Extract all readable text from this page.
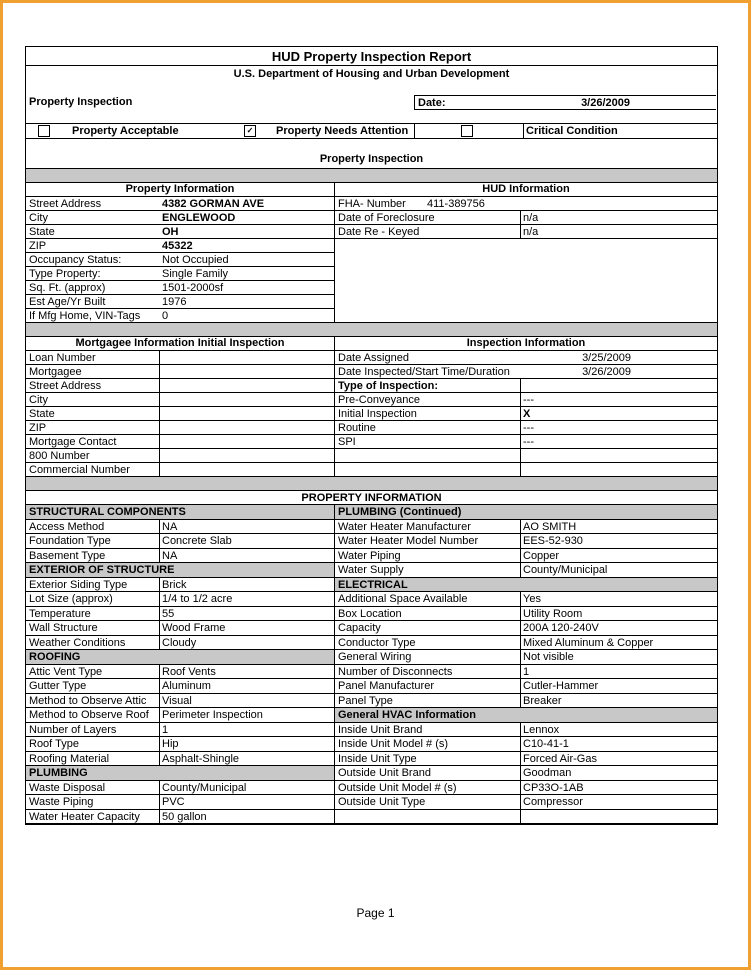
HUD Property Inspection Report
U.S. Department of Housing and Urban Development
Property Inspection	Date:	3/26/2009
Property Acceptable	✓ Property Needs Attention	Critical Condition
Property Inspection
Property Information
Street Address	4382 GORMAN AVE
City	ENGLEWOOD
State	OH
ZIP	45322
Occupancy Status:	Not Occupied
Type Property:	Single Family
Sq. Ft. (approx)	1501-2000sf
Est Age/Yr Built	1976
If Mfg Home, VIN-Tags 0
HUD Information
FHA- Number 411-389756
Date of Foreclosure	n/a
Date Re - Keyed	n/a
Mortgagee Information Initial Inspection
Loan Number
Mortgagee
Street Address
City
State
ZIP
Mortgage Contact
800 Number
Commercial Number
Inspection Information
Date Assigned	3/25/2009
Date Inspected/Start Time/Duration	3/26/2009
Type of Inspection:
Pre-Conveyance	---
Initial Inspection	X
Routine	---
SPI	---
PROPERTY INFORMATION
STRUCTURAL COMPONENTS
Access Method	NA
Foundation Type	Concrete Slab
Basement Type	NA
EXTERIOR OF STRUCTURE
Exterior Siding Type	Brick
Lot Size (approx)	1/4 to 1/2 acre
Temperature	55
Wall Structure	Wood Frame
Weather Conditions	Cloudy
ROOFING
Attic Vent Type	Roof Vents
Gutter Type	Aluminum
Method to Observe Attic Visual
Method to Observe Roof Perimeter Inspection
Number of Layers	1
Roof Type	Hip
Roofing Material	Asphalt-Shingle
PLUMBING
Waste Disposal	County/Municipal
Waste Piping	PVC
Water Heater Capacity 50 gallon
PLUMBING (Continued)
Water Heater Manufacturer	AO SMITH
Water Heater Model Number	EES-52-930
Water Piping	Copper
Water Supply	County/Municipal
ELECTRICAL
Additional Space Available	Yes
Box Location	Utility Room
Capacity	200A 120-240V
Conductor Type	Mixed Aluminum & Copper
General Wiring	Not visible
Number of Disconnects	1
Panel Manufacturer	Cutler-Hammer
Panel Type	Breaker
General HVAC Information
Inside Unit Brand	Lennox
Inside Unit Model # (s)	C10-41-1
Inside Unit Type	Forced Air-Gas
Outside Unit Brand	Goodman
Outside Unit Model # (s)	CP33O-1AB
Outside Unit Type	Compressor
Page 1
